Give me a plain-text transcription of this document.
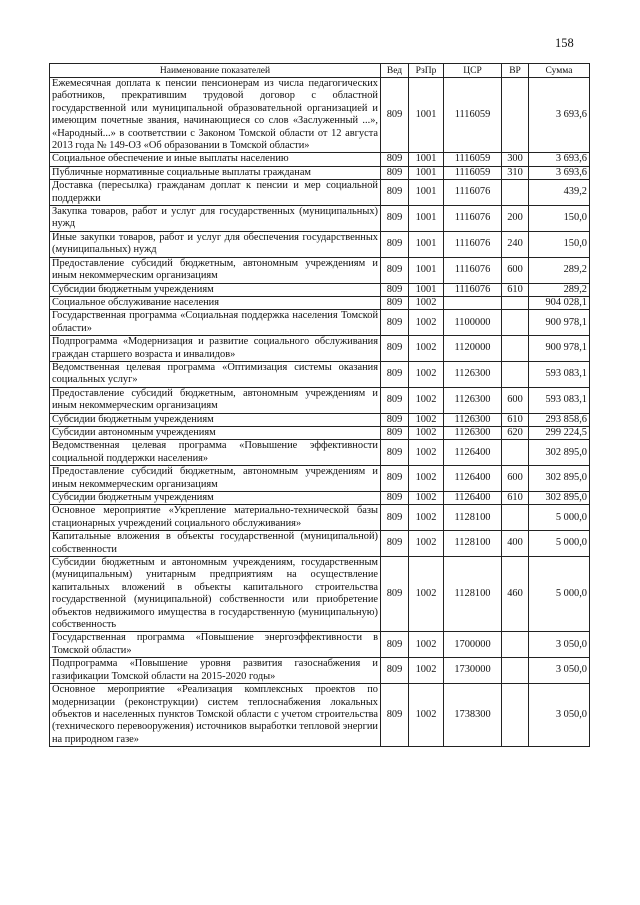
158
Наименование показателей	Вед	РзПр	ЦСР	ВР	Сумма
Ежемесячная доплата к пенсии пенсионерам из числа педагогических работников, прекратившим трудовой договор с областной государственной или муниципальной образовательной организацией и имеющим почетные звания, начинающиеся со слов «Заслуженный ...», «Народный...» в соответствии с Законом Томской области от 12 августа 2013 года № 149-ОЗ «Об образовании в Томской области»	809	1001	1116059		3 693,6
Социальное обеспечение и иные выплаты населению	809	1001	1116059	300	3 693,6
Публичные нормативные социальные выплаты гражданам	809	1001	1116059	310	3 693,6
Доставка (пересылка) гражданам доплат к пенсии и мер социальной поддержки	809	1001	1116076		439,2
Закупка товаров, работ и услуг для государственных (муниципальных) нужд	809	1001	1116076	200	150,0
Иные закупки товаров, работ и услуг для обеспечения государственных (муниципальных) нужд	809	1001	1116076	240	150,0
Предоставление субсидий бюджетным, автономным учреждениям и иным некоммерческим организациям	809	1001	1116076	600	289,2
Субсидии бюджетным учреждениям	809	1001	1116076	610	289,2
Социальное обслуживание населения	809	1002			904 028,1
Государственная программа «Социальная поддержка населения Томской области»	809	1002	1100000		900 978,1
Подпрограмма «Модернизация и развитие социального обслуживания граждан старшего возраста и инвалидов»	809	1002	1120000		900 978,1
Ведомственная целевая программа «Оптимизация системы оказания социальных услуг»	809	1002	1126300		593 083,1
Предоставление субсидий бюджетным, автономным учреждениям и иным некоммерческим организациям	809	1002	1126300	600	593 083,1
Субсидии бюджетным учреждениям	809	1002	1126300	610	293 858,6
Субсидии автономным учреждениям	809	1002	1126300	620	299 224,5
Ведомственная целевая программа «Повышение эффективности социальной поддержки населения»	809	1002	1126400		302 895,0
Предоставление субсидий бюджетным, автономным учреждениям и иным некоммерческим организациям	809	1002	1126400	600	302 895,0
Субсидии бюджетным учреждениям	809	1002	1126400	610	302 895,0
Основное мероприятие «Укрепление материально-технической базы стационарных учреждений социального обслуживания»	809	1002	1128100		5 000,0
Капитальные вложения в объекты государственной (муниципальной) собственности	809	1002	1128100	400	5 000,0
Субсидии бюджетным и автономным учреждениям, государственным (муниципальным) унитарным предприятиям на осуществление капитальных вложений в объекты капитального строительства государственной (муниципальной) собственности или приобретение объектов недвижимого имущества в государственную (муниципальную) собственность	809	1002	1128100	460	5 000,0
Государственная программа «Повышение энергоэффективности в Томской области»	809	1002	1700000		3 050,0
Подпрограмма «Повышение уровня развития газоснабжения и газификации Томской области на 2015-2020 годы»	809	1002	1730000		3 050,0
Основное мероприятие «Реализация комплексных проектов по модернизации (реконструкции) систем теплоснабжения локальных объектов и населенных пунктов Томской области с учетом строительства (технического перевооружения) источников выработки тепловой энергии на природном газе»	809	1002	1738300		3 050,0
